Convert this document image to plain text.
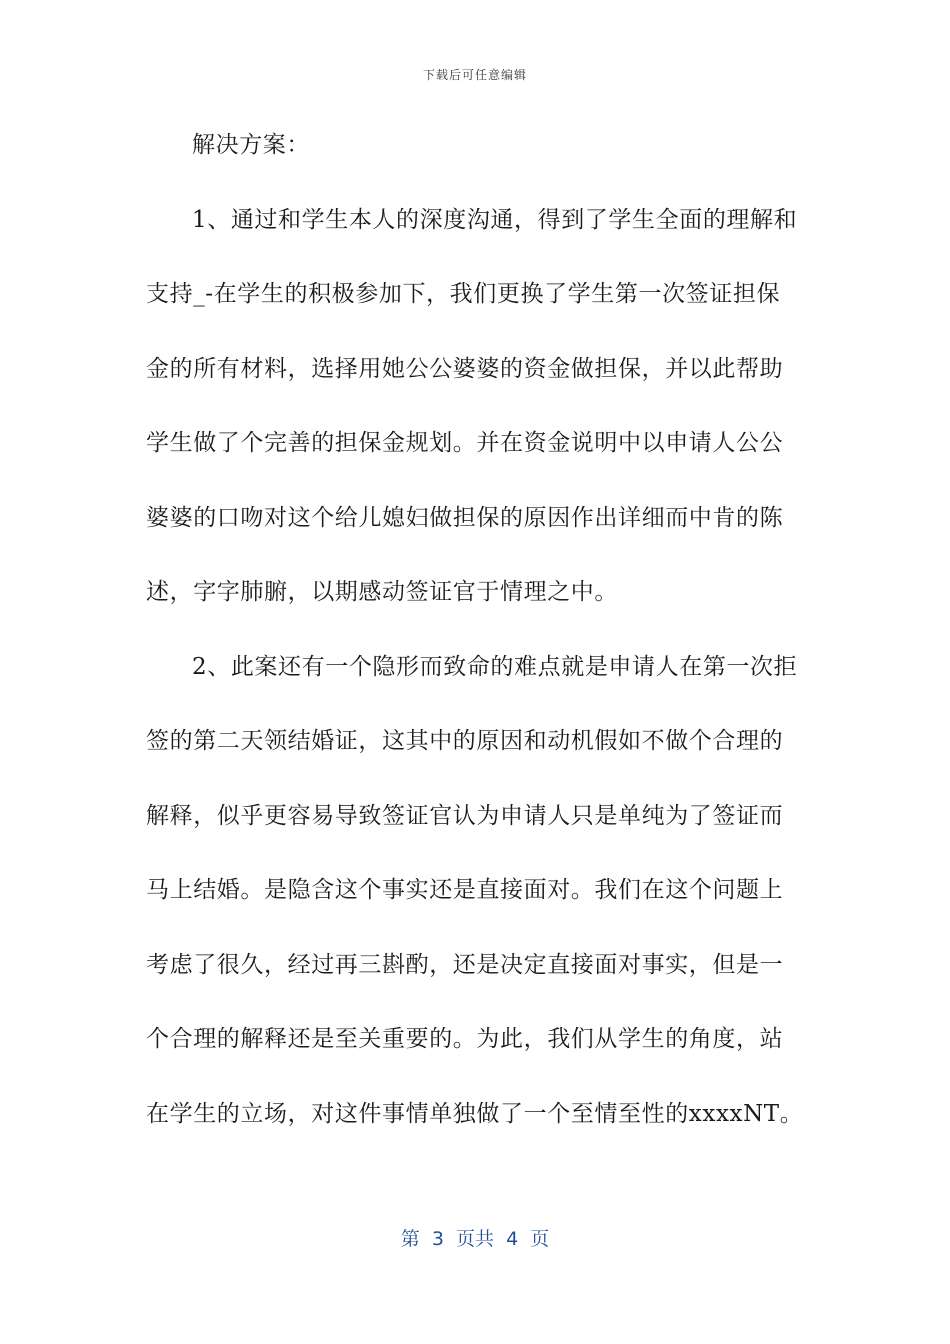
下载后可任意编辑
解决方案：
1、通过和学生本人的深度沟通，得到了学生全面的理解和
支持_-在学生的积极参加下，我们更换了学生第一次签证担保
金的所有材料，选择用她公公婆婆的资金做担保，并以此帮助
学生做了个完善的担保金规划。并在资金说明中以申请人公公
婆婆的口吻对这个给儿媳妇做担保的原因作出详细而中肯的陈
述，字字肺腑，以期感动签证官于情理之中。
2、此案还有一个隐形而致命的难点就是申请人在第一次拒
签的第二天领结婚证，这其中的原因和动机假如不做个合理的
解释，似乎更容易导致签证官认为申请人只是单纯为了签证而
马上结婚。是隐含这个事实还是直接面对。我们在这个问题上
考虑了很久，经过再三斟酌，还是决定直接面对事实，但是一
个合理的解释还是至关重要的。为此，我们从学生的角度，站
在学生的立场，对这件事情单独做了一个至情至性的xxxxNT。
第  3  页共  4  页
